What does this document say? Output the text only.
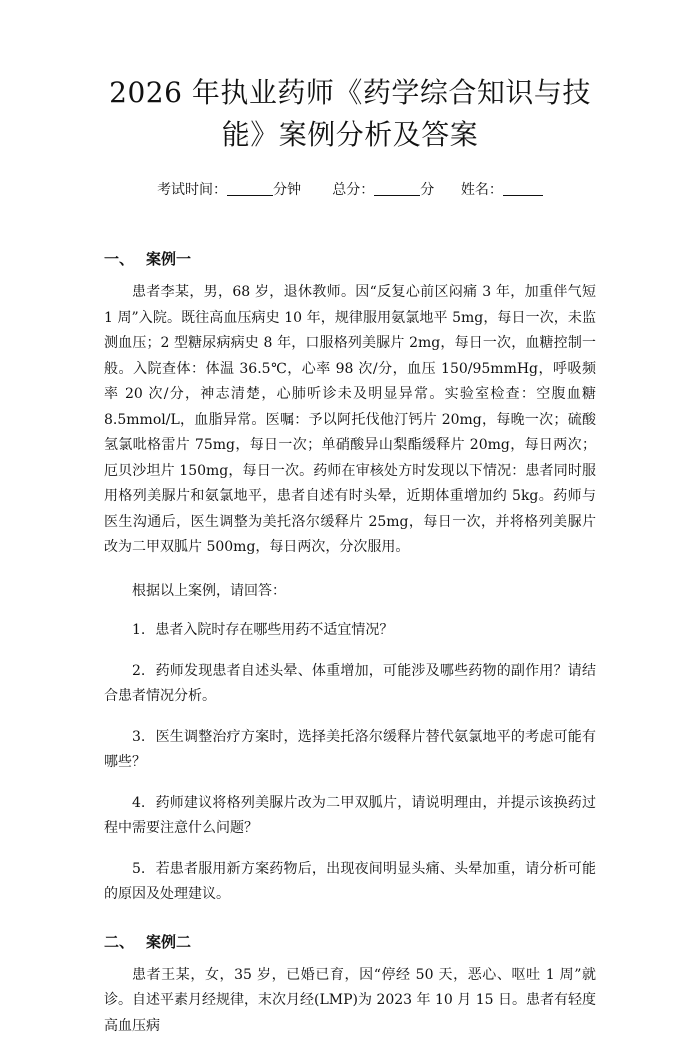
2026 年执业药师《药学综合知识与技能》案例分析及答案
考试时间：	分钟 总分：	分 姓名：
一、 案例一

患者李某，男，68 岁，退休教师。因“反复心前区闷痛 3 年，加重伴气短 1 周”入院。既往高血压病史 10 年，规律服用氨氯地平 5mg，每日一次，未监测血压；2 型糖尿病病史 8 年，口服格列美脲片 2mg，每日一次，血糖控制一般。入院查体：体温 36.5℃，心率 98 次/分，血压 150/95mmHg，呼吸频率 20 次/分，神志清楚，心肺听诊未及明显异常。实验室检查：空腹血糖 8.5mmol/L，血脂异常。医嘱：予以阿托伐他汀钙片 20mg，每晚一次；硫酸氢氯吡格雷片 75mg，每日一次；单硝酸异山梨酯缓释片 20mg，每日两次；厄贝沙坦片 150mg，每日一次。药师在审核处方时发现以下情况：患者同时服用格列美脲片和氨氯地平，患者自述有时头晕，近期体重增加约 5kg。药师与医生沟通后，医生调整为美托洛尔缓释片 25mg，每日一次，并将格列美脲片改为二甲双胍片 500mg，每日两次，分次服用。

根据以上案例，请回答：

1. 患者入院时存在哪些用药不适宜情况？

2. 药师发现患者自述头晕、体重增加，可能涉及哪些药物的副作用？请结合患者情况分析。

3. 医生调整治疗方案时，选择美托洛尔缓释片替代氨氯地平的考虑可能有哪些？

4. 药师建议将格列美脲片改为二甲双胍片，请说明理由，并提示该换药过程中需要注意什么问题？

5. 若患者服用新方案药物后，出现夜间明显头痛、头晕加重，请分析可能的原因及处理建议。

二、 案例二

患者王某，女，35 岁，已婚已育，因“停经 50 天，恶心、呕吐 1 周”就诊。自述平素月经规律，末次月经(LMP)为 2023 年 10 月 15 日。患者有轻度高血压病
